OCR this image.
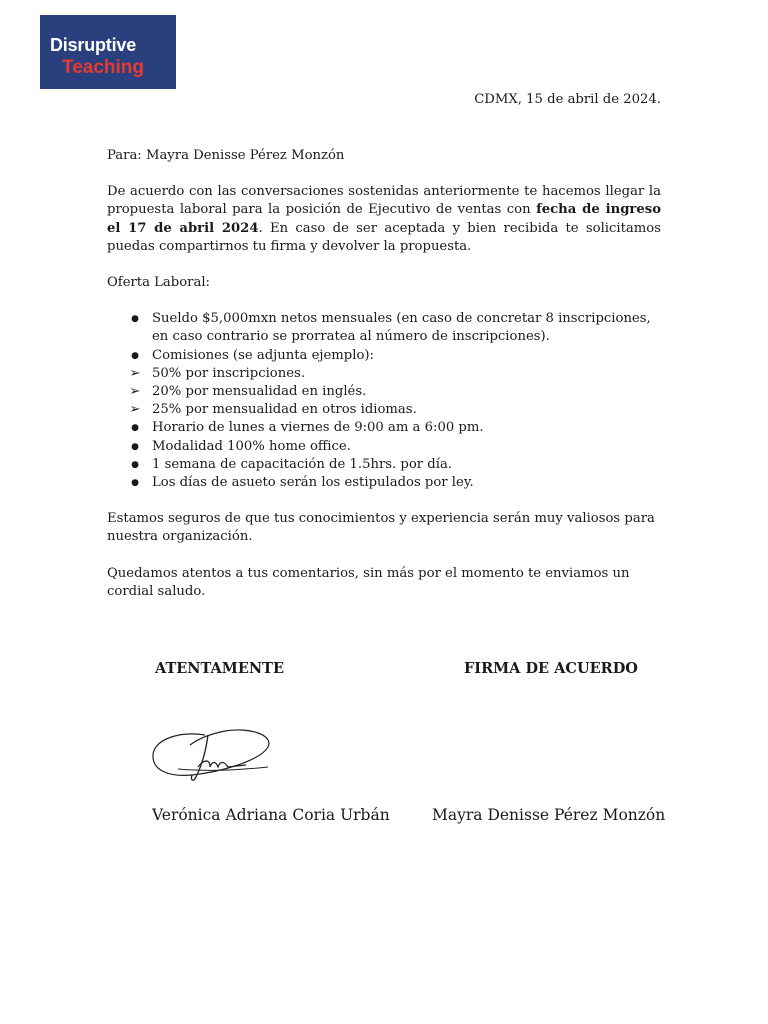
Disruptive
Teaching
CDMX, 15 de abril de 2024.

Para: Mayra Denisse Pérez Monzón

De acuerdo con las conversaciones sostenidas anteriormente te hacemos llegar la propuesta laboral para la posición de Ejecutivo de ventas con fecha de ingreso el 17 de abril 2024. En caso de ser aceptada y bien recibida te solicitamos puedas compartirnos tu firma y devolver la propuesta.

Oferta Laboral:

● Sueldo $5,000mxn netos mensuales (en caso de concretar 8 inscripciones, en caso contrario se prorratea al número de inscripciones).
● Comisiones (se adjunta ejemplo):
➢ 50% por inscripciones.
➢ 20% por mensualidad en inglés.
➢ 25% por mensualidad en otros idiomas.
● Horario de lunes a viernes de 9:00 am a 6:00 pm.
● Modalidad 100% home office.
● 1 semana de capacitación de 1.5hrs. por día.
● Los días de asueto serán los estipulados por ley.

Estamos seguros de que tus conocimientos y experiencia serán muy valiosos para nuestra organización.

Quedamos atentos a tus comentarios, sin más por el momento te enviamos un cordial saludo.

ATENTAMENTE	FIRMA DE ACUERDO
Verónica Adriana Coria Urbán	Mayra Denisse Pérez Monzón
